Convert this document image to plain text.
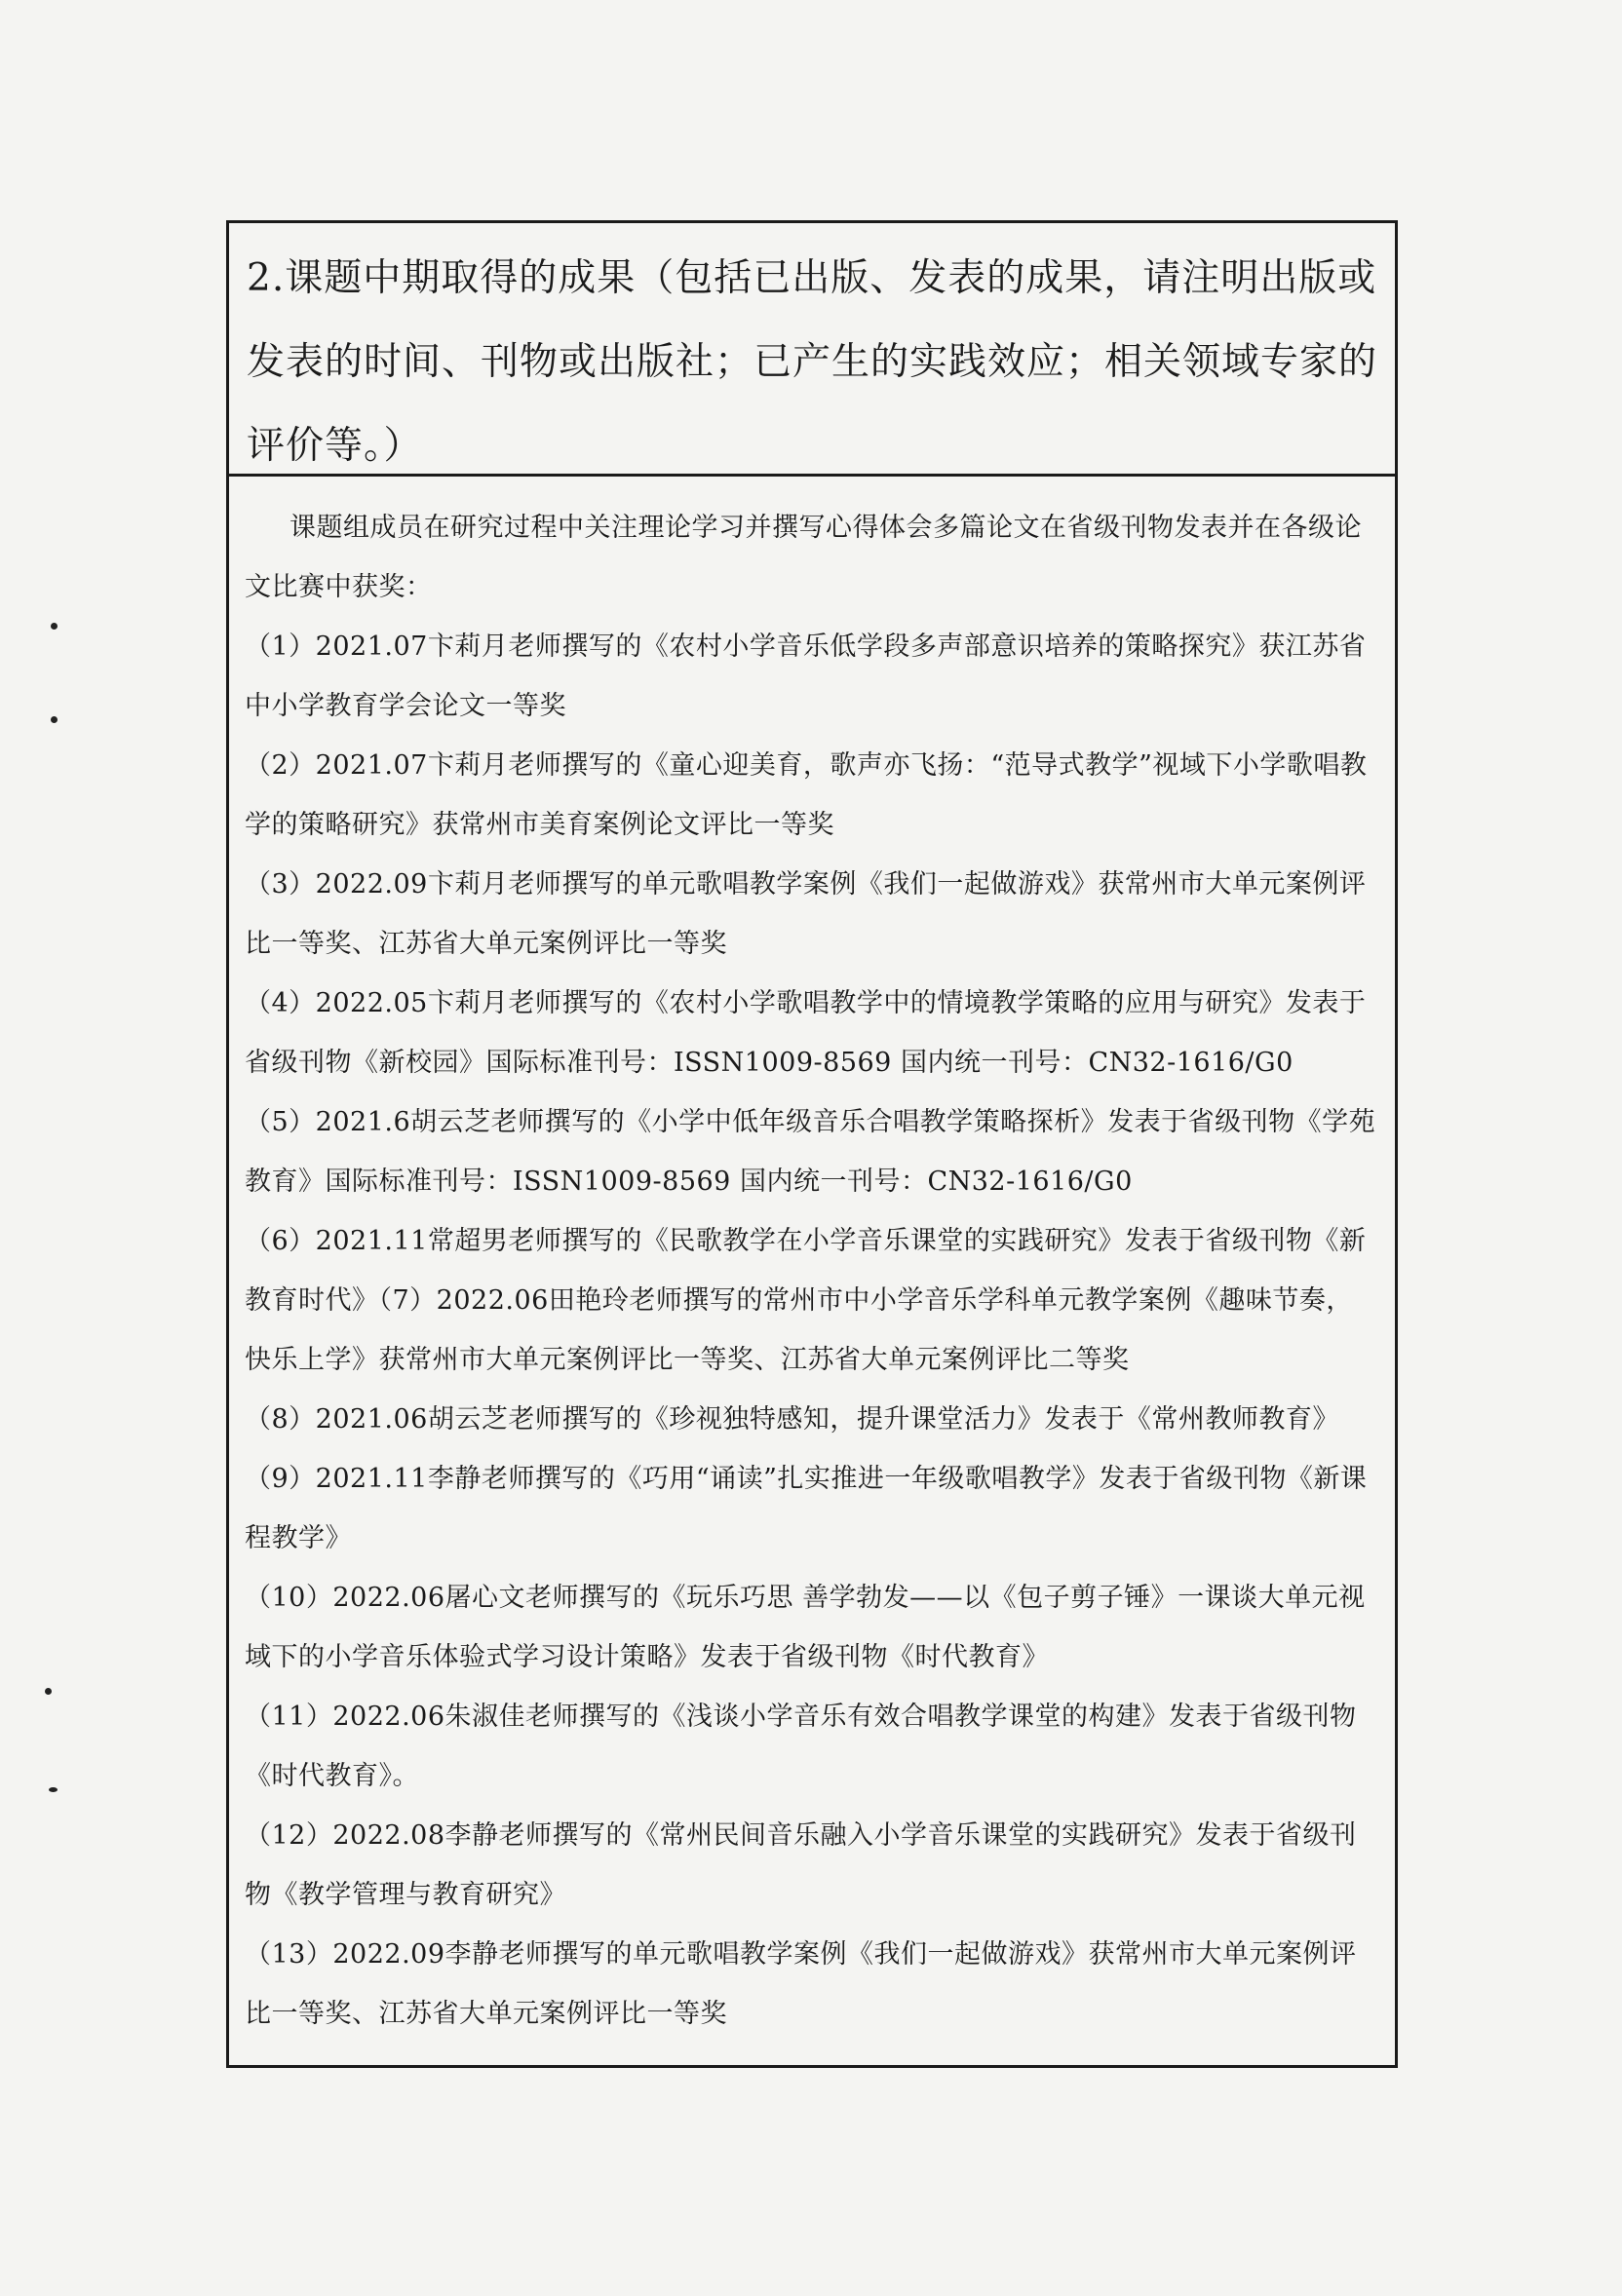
2.课题中期取得的成果（包括已出版、发表的成果，请注明出版或发表的时间、刊物或出版社；已产生的实践效应；相关领域专家的评价等。）

课题组成员在研究过程中关注理论学习并撰写心得体会多篇论文在省级刊物发表并在各级论文比赛中获奖：

（1）2021.07卞莉月老师撰写的《农村小学音乐低学段多声部意识培养的策略探究》获江苏省中小学教育学会论文一等奖

（2）2021.07卞莉月老师撰写的《童心迎美育，歌声亦飞扬：“范导式教学”视域下小学歌唱教学的策略研究》获常州市美育案例论文评比一等奖

（3）2022.09卞莉月老师撰写的单元歌唱教学案例《我们一起做游戏》获常州市大单元案例评比一等奖、江苏省大单元案例评比一等奖

（4）2022.05卞莉月老师撰写的《农村小学歌唱教学中的情境教学策略的应用与研究》发表于省级刊物《新校园》国际标准刊号：ISSN1009-8569 国内统一刊号：CN32-1616/G0

（5）2021.6胡云芝老师撰写的《小学中低年级音乐合唱教学策略探析》发表于省级刊物《学苑教育》国际标准刊号：ISSN1009-8569 国内统一刊号：CN32-1616/G0

（6）2021.11常超男老师撰写的《民歌教学在小学音乐课堂的实践研究》发表于省级刊物《新教育时代》（7）2022.06田艳玲老师撰写的常州市中小学音乐学科单元教学案例《趣味节奏，快乐上学》获常州市大单元案例评比一等奖、江苏省大单元案例评比二等奖

（8）2021.06胡云芝老师撰写的《珍视独特感知，提升课堂活力》发表于《常州教师教育》

（9）2021.11李静老师撰写的《巧用“诵读”扎实推进一年级歌唱教学》发表于省级刊物《新课程教学》

（10）2022.06屠心文老师撰写的《玩乐巧思 善学勃发——以《包子剪子锤》一课谈大单元视域下的小学音乐体验式学习设计策略》发表于省级刊物《时代教育》

（11）2022.06朱淑佳老师撰写的《浅谈小学音乐有效合唱教学课堂的构建》发表于省级刊物《时代教育》。

（12）2022.08李静老师撰写的《常州民间音乐融入小学音乐课堂的实践研究》发表于省级刊物《教学管理与教育研究》

（13）2022.09李静老师撰写的单元歌唱教学案例《我们一起做游戏》获常州市大单元案例评比一等奖、江苏省大单元案例评比一等奖
